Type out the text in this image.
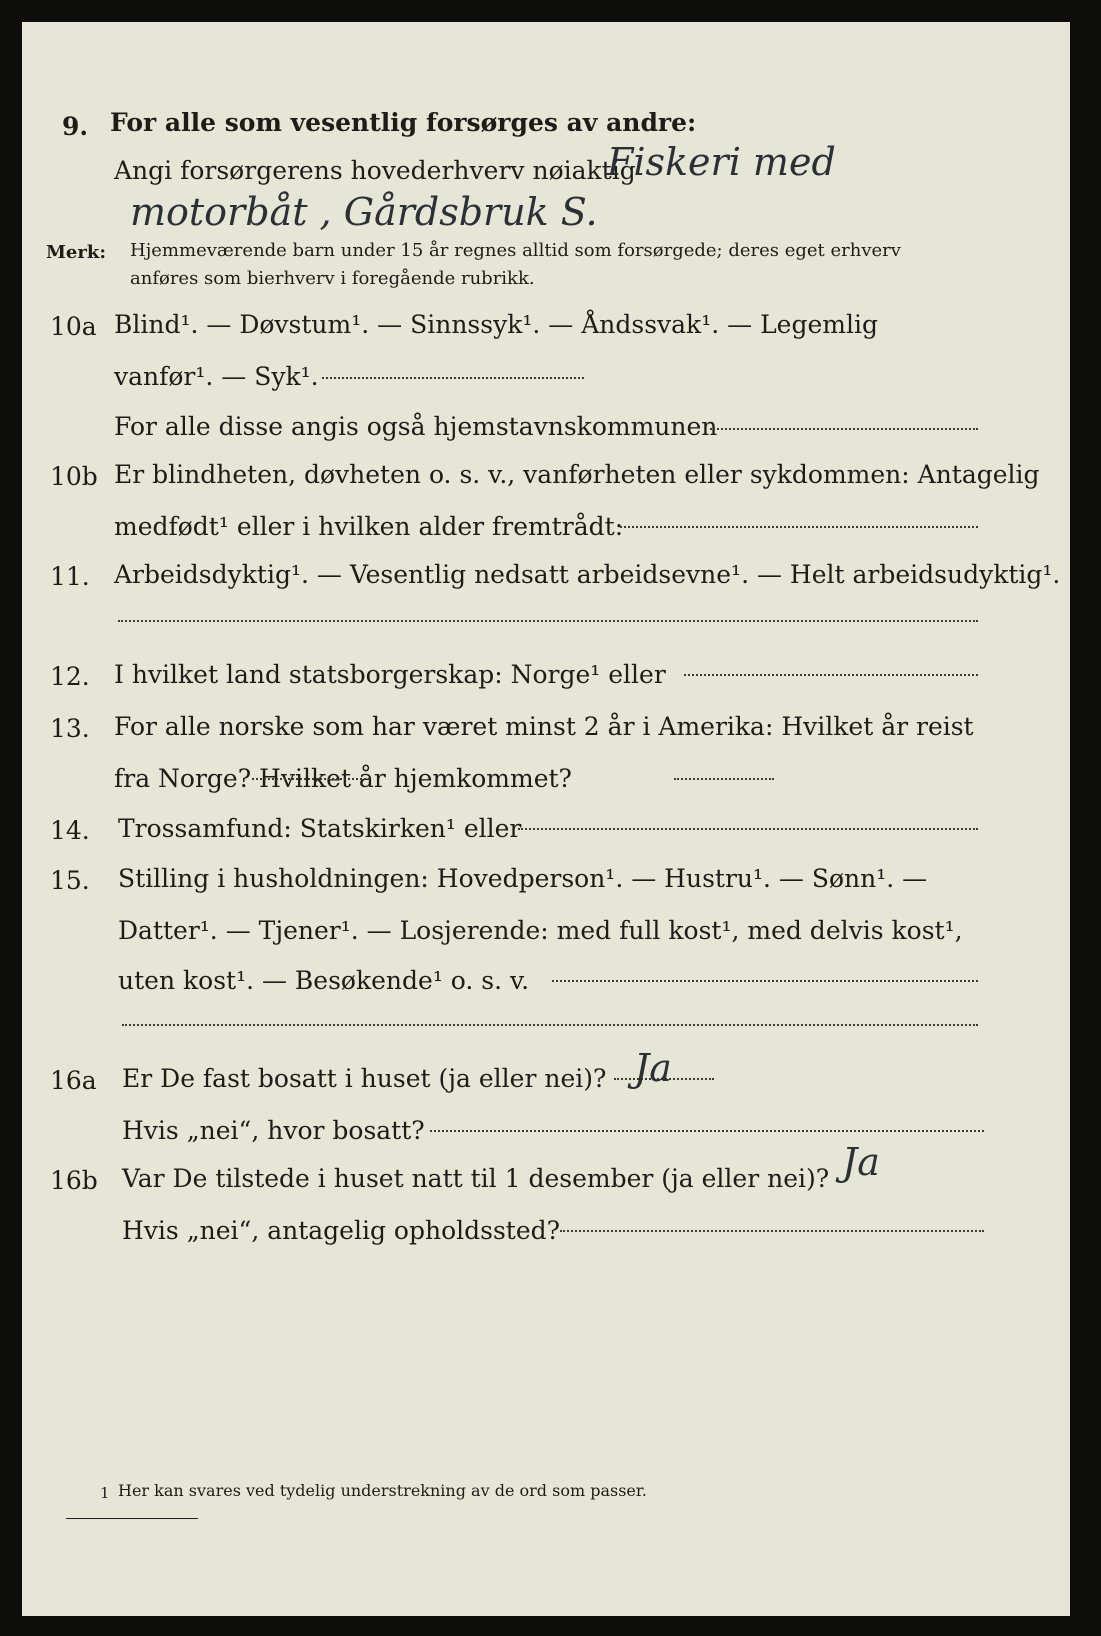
9. For alle som vesentlig forsørges av andre:
Angi forsørgerens hovederhverv nøiaktig
Fiskeri med
motorbåt , Gårdsbruk S.
Merk: Hjemmeværende barn under 15 år regnes alltid som forsørgede; deres eget erhverv
anføres som bierhverv i foregående rubrikk.
10a Blind¹. — Døvstum¹. — Sinnssyk¹. — Åndssvak¹. — Legemlig
vanfør¹. — Syk¹.
For alle disse angis også hjemstavnskommunen
10b Er blindheten, døvheten o. s. v., vanførheten eller sykdommen: Antagelig
medfødt¹ eller i hvilken alder fremtrådt:
11. Arbeidsdyktig¹. — Vesentlig nedsatt arbeidsevne¹. — Helt arbeidsudyktig¹.
12. I hvilket land statsborgerskap: Norge¹ eller
13. For alle norske som har været minst 2 år i Amerika: Hvilket år reist
fra Norge? Hvilket år hjemkommet?
14. Trossamfund: Statskirken¹ eller
15. Stilling i husholdningen: Hovedperson¹. — Hustru¹. — Sønn¹. —
Datter¹. — Tjener¹. — Losjerende: med full kost¹, med delvis kost¹,
uten kost¹. — Besøkende¹ o. s. v.
16a Er De fast bosatt i huset (ja eller nei)? Ja
Hvis „nei“, hvor bosatt?
16b Var De tilstede i huset natt til 1 desember (ja eller nei)? Ja
Hvis „nei“, antagelig opholdssted?
1 Her kan svares ved tydelig understrekning av de ord som passer.
